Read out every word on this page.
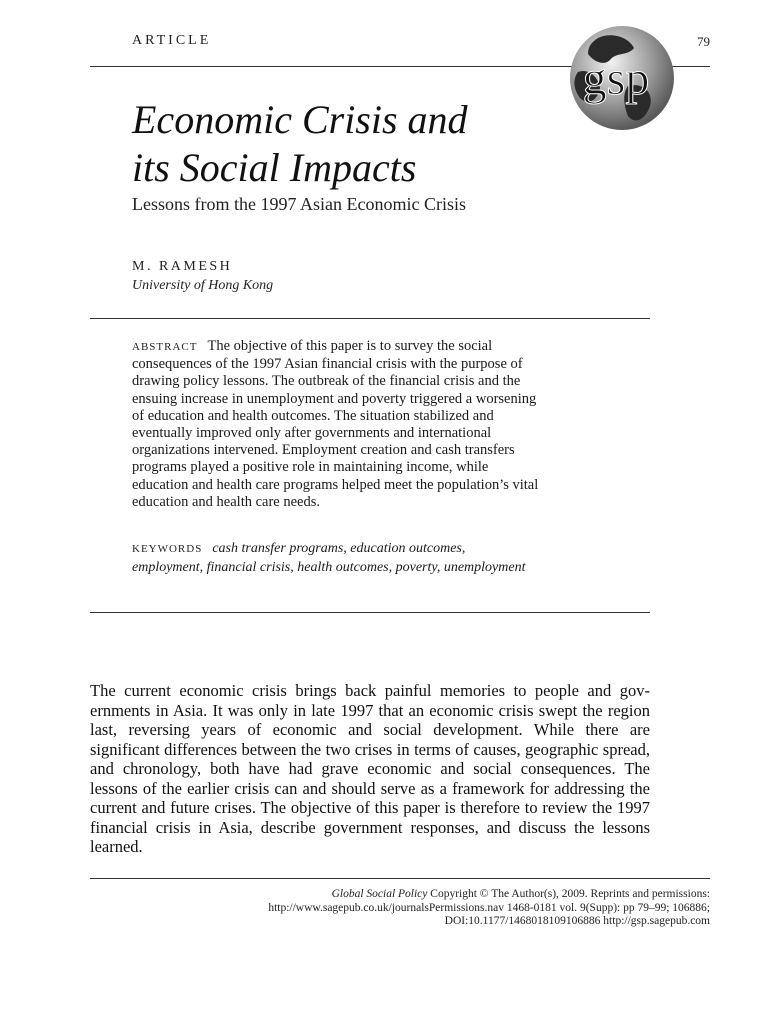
ARTICLE	79
gsp
Economic Crisis and
its Social Impacts
Lessons from the 1997 Asian Economic Crisis
M. RAMESH
University of Hong Kong
ABSTRACT The objective of this paper is to survey the social consequences of the 1997 Asian financial crisis with the purpose of drawing policy lessons. The outbreak of the financial crisis and the ensuing increase in unemployment and poverty triggered a worsening of education and health outcomes. The situation stabilized and eventually improved only after governments and international organizations intervened. Employment creation and cash transfers programs played a positive role in maintaining income, while education and health care programs helped meet the population’s vital education and health care needs.
KEYWORDS cash transfer programs, education outcomes, employment, financial crisis, health outcomes, poverty, unemployment

The current economic crisis brings back painful memories to people and governments in Asia. It was only in late 1997 that an economic crisis swept the region last, reversing years of economic and social development. While there are significant differences between the two crises in terms of causes, geographic spread, and chronology, both have had grave economic and social consequences. The lessons of the earlier crisis can and should serve as a framework for addressing the current and future crises. The objective of this paper is therefore to review the 1997 financial crisis in Asia, describe government responses, and discuss the lessons learned.

Global Social Policy Copyright © The Author(s), 2009. Reprints and permissions:
http://www.sagepub.co.uk/journalsPermissions.nav 1468-0181 vol. 9(Supp): pp 79–99; 106886;
DOI:10.1177/1468018109106886 http://gsp.sagepub.com
